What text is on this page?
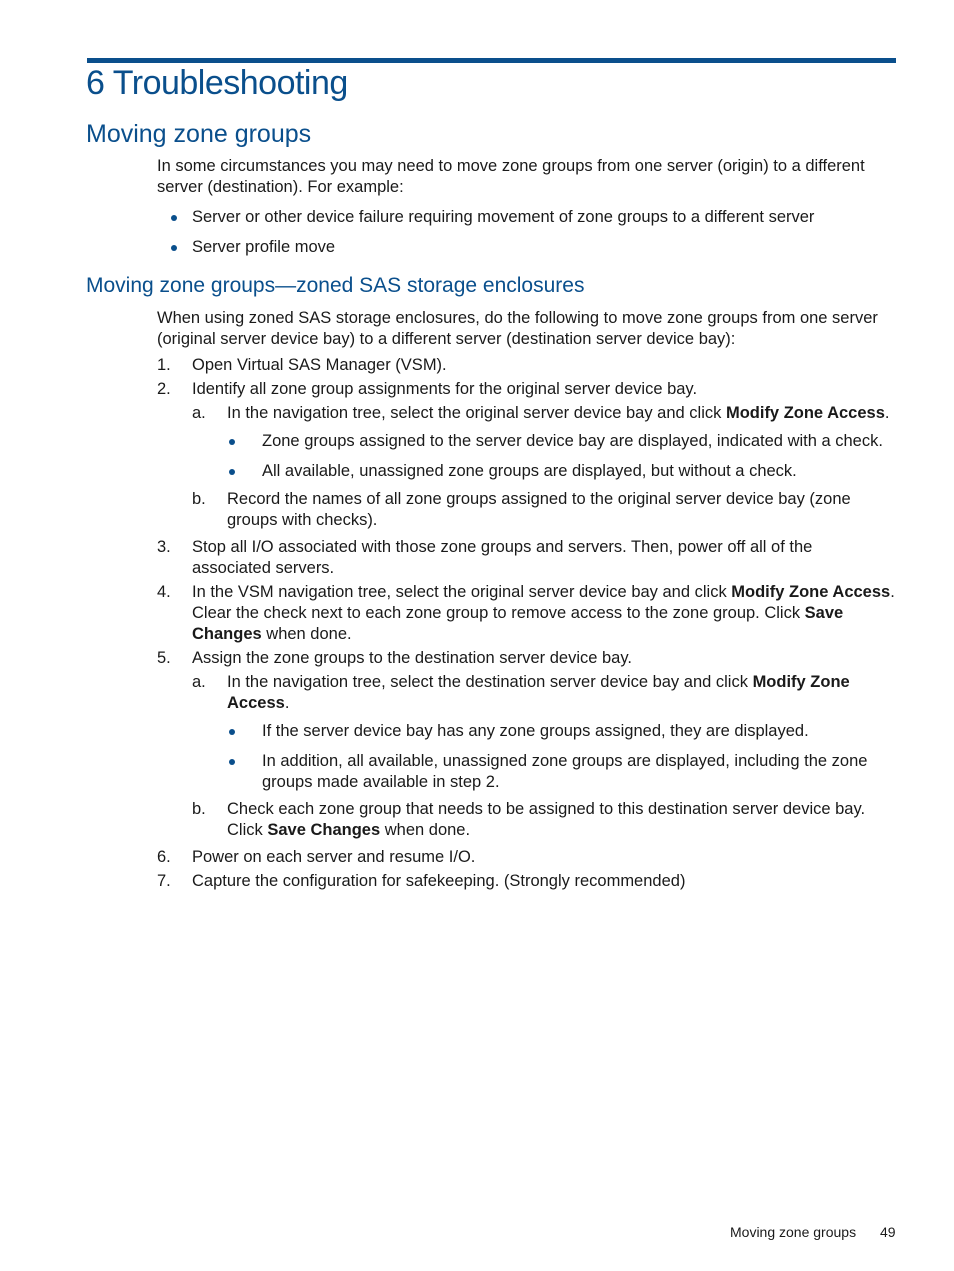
6 Troubleshooting
Moving zone groups
In some circumstances you may need to move zone groups from one server (origin) to a different server (destination). For example:
Server or other device failure requiring movement of zone groups to a different server
Server profile move
Moving zone groups—zoned SAS storage enclosures
When using zoned SAS storage enclosures, do the following to move zone groups from one server (original server device bay) to a different server (destination server device bay):
1. Open Virtual SAS Manager (VSM).
2. Identify all zone group assignments for the original server device bay.
a. In the navigation tree, select the original server device bay and click Modify Zone Access.
Zone groups assigned to the server device bay are displayed, indicated with a check.
All available, unassigned zone groups are displayed, but without a check.
b. Record the names of all zone groups assigned to the original server device bay (zone groups with checks).
3. Stop all I/O associated with those zone groups and servers. Then, power off all of the associated servers.
4. In the VSM navigation tree, select the original server device bay and click Modify Zone Access. Clear the check next to each zone group to remove access to the zone group. Click Save Changes when done.
5. Assign the zone groups to the destination server device bay.
a. In the navigation tree, select the destination server device bay and click Modify Zone Access.
If the server device bay has any zone groups assigned, they are displayed.
In addition, all available, unassigned zone groups are displayed, including the zone groups made available in step 2.
b. Check each zone group that needs to be assigned to this destination server device bay. Click Save Changes when done.
6. Power on each server and resume I/O.
7. Capture the configuration for safekeeping. (Strongly recommended)
Moving zone groups 49
